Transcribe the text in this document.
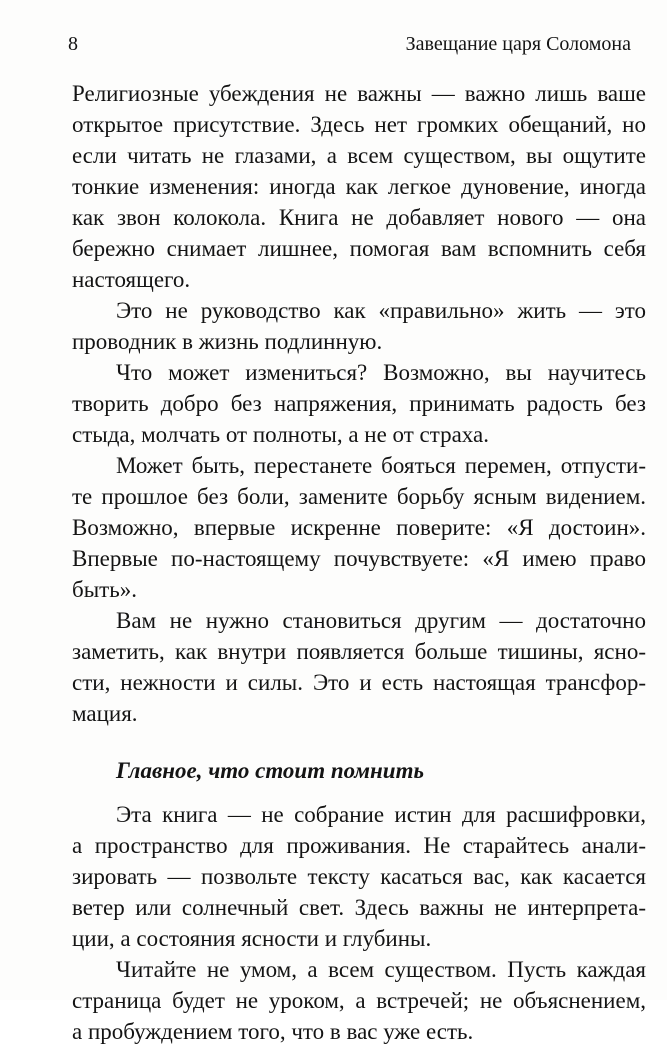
8	Завещание царя Соломона
Религиозные убеждения не важны — важно лишь ваше
открытое присутствие. Здесь нет громких обещаний, но
если читать не глазами, а всем существом, вы ощутите
тонкие изменения: иногда как легкое дуновение, иногда
как звон колокола. Книга не добавляет нового — она
бережно снимает лишнее, помогая вам вспомнить себя
настоящего.
Это не руководство как «правильно» жить — это
проводник в жизнь подлинную.
Что может измениться? Возможно, вы научитесь
творить добро без напряжения, принимать радость без
стыда, молчать от полноты, а не от страха.
Может быть, перестанете бояться перемен, отпусти-
те прошлое без боли, замените борьбу ясным видением.
Возможно, впервые искренне поверите: «Я достоин».
Впервые по-настоящему почувствуете: «Я имею право
быть».
Вам не нужно становиться другим — достаточно
заметить, как внутри появляется больше тишины, ясно-
сти, нежности и силы. Это и есть настоящая трансфор-
мация.
Главное, что стоит помнить
Эта книга — не собрание истин для расшифровки,
а пространство для проживания. Не старайтесь анали-
зировать — позвольте тексту касаться вас, как касается
ветер или солнечный свет. Здесь важны не интерпрета-
ции, а состояния ясности и глубины.
Читайте не умом, а всем существом. Пусть каждая
страница будет не уроком, а встречей; не объяснением,
а пробуждением того, что в вас уже есть.
